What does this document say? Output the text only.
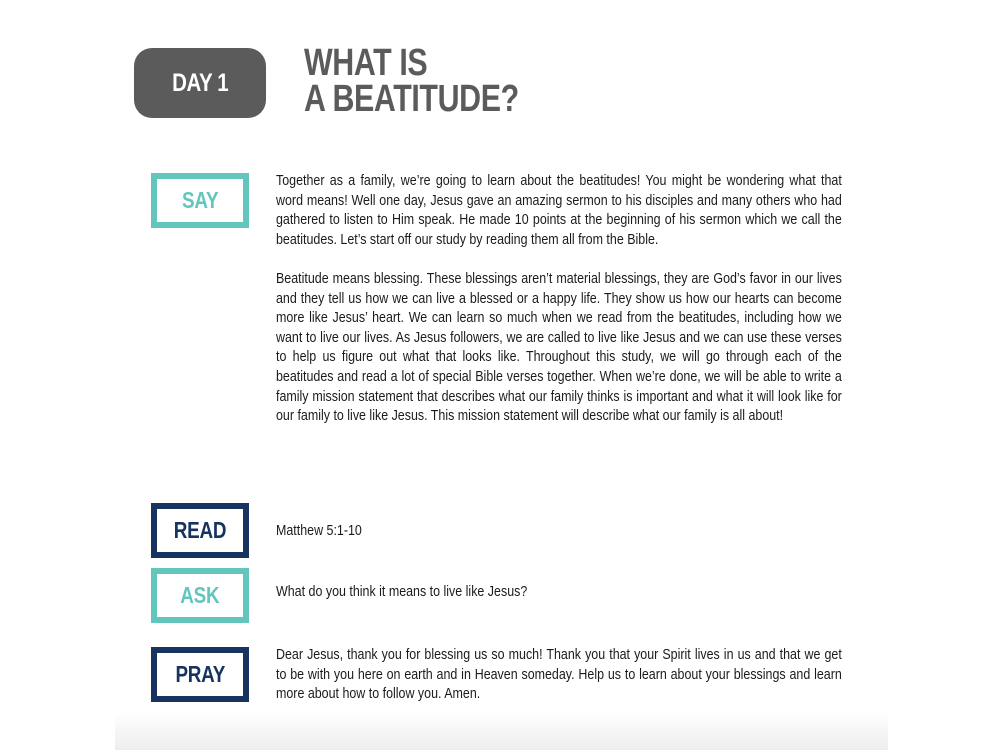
DAY 1 WHAT IS
A BEATITUDE?
SAY

Together as a family, we’re going to learn about the beatitudes! You might be wondering what that word means! Well one day, Jesus gave an amazing sermon to his disciples and many others who had gathered to listen to Him speak. He made 10 points at the beginning of his sermon which we call the beatitudes. Let’s start off our study by reading them all from the Bible.

Beatitude means blessing. These blessings aren’t material blessings, they are God’s favor in our lives and they tell us how we can live a blessed or a happy life. They show us how our hearts can become more like Jesus’ heart. We can learn so much when we read from the beatitudes, including how we want to live our lives. As Jesus followers, we are called to live like Jesus and we can use these verses to help us figure out what that looks like. Throughout this study, we will go through each of the beatitudes and read a lot of special Bible verses together. When we’re done, we will be able to write a family mission statement that describes what our family thinks is important and what it will look like for our family to live like Jesus. This mission statement will describe what our family is all about!

READ	Matthew 5:1-10

ASK	What do you think it means to live like Jesus?

PRAY

Dear Jesus, thank you for blessing us so much! Thank you that your Spirit lives in us and that we get to be with you here on earth and in Heaven someday. Help us to learn about your blessings and learn more about how to follow you. Amen.
